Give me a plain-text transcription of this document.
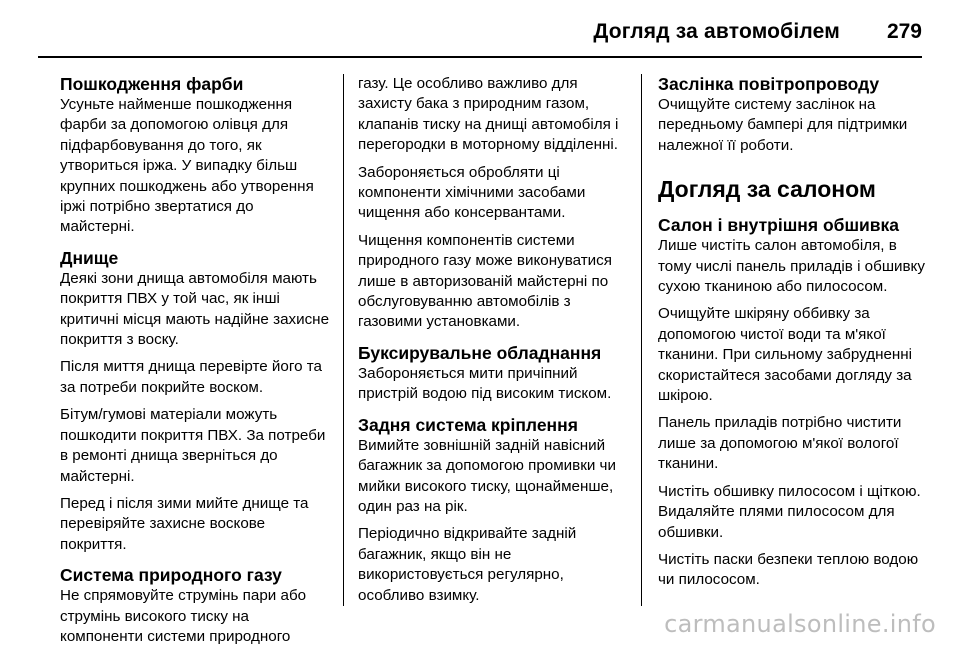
Догляд за автомобілем 279
Пошкодження фарби

Усуньте найменше пошкодження фарби за допомогою олівця для підфарбовування до того, як утвориться іржа. У випадку більш крупних пошкоджень або утворення іржі потрібно звертатися до майстерні.

Днище

Деякі зони днища автомобіля мають покриття ПВХ у той час, як інші критичні місця мають надійне захисне покриття з воску.

Після миття днища перевірте його та за потреби покрийте воском.

Бітум/гумові матеріали можуть пошкодити покриття ПВХ. За потреби в ремонті днища зверніться до майстерні.

Перед і після зими мийте днище та перевіряйте захисне воскове покриття.

Система природного газу

Не спрямовуйте струмінь пари або струмінь високого тиску на компоненти системи природного

газу. Це особливо важливо для захисту бака з природним газом, клапанів тиску на днищі автомобіля і перегородки в моторному відділенні.

Забороняється обробляти ці компоненти хімічними засобами чищення або консервантами.

Чищення компонентів системи природного газу може виконуватися лише в авторизованій майстерні по обслуговуванню автомобілів з газовими установками.

Буксирувальне обладнання

Забороняється мити причіпний пристрій водою під високим тиском.

Задня система кріплення

Вимийте зовнішній задній навісний багажник за допомогою промивки чи мийки високого тиску, щонайменше, один раз на рік.

Періодично відкривайте задній багажник, якщо він не використовується регулярно, особливо взимку.

Заслінка повітропроводу

Очищуйте систему заслінок на передньому бампері для підтримки належної її роботи.

Догляд за салоном
Салон і внутрішня обшивка

Лише чистіть салон автомобіля, в тому числі панель приладів і обшивку сухою тканиною або пилососом.

Очищуйте шкіряну оббивку за допомогою чистої води та м'якої тканини. При сильному забрудненні скористайтеся засобами догляду за шкірою.

Панель приладів потрібно чистити лише за допомогою м'якої вологої тканини.

Чистіть обшивку пилососом і щіткою. Видаляйте плями пилососом для обшивки.

Чистіть паски безпеки теплою водою чи пилососом.

carmanualsonline.info
